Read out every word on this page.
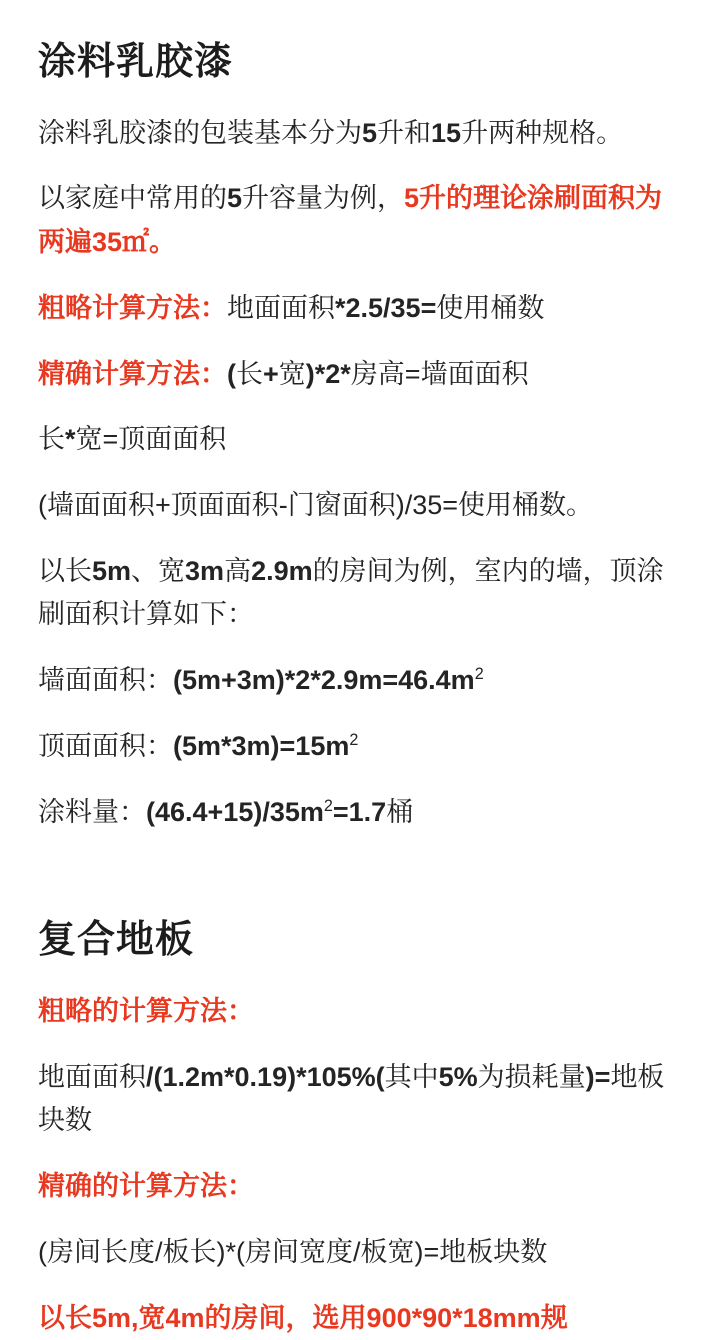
涂料乳胶漆

涂料乳胶漆的包装基本分为5升和15升两种规格。

以家庭中常用的5升容量为例，5升的理论涂刷面积为两遍35㎡。

粗略计算方法：地面面积*2.5/35=使用桶数

精确计算方法：(长+宽)*2*房高=墙面面积

长*宽=顶面面积

(墙面面积+顶面面积-门窗面积)/35=使用桶数。

以长5m、宽3m高2.9m的房间为例，室内的墙，顶涂刷面积计算如下：

墙面面积：$(5m+3m)*2*2.9m=46.4m^2$

顶面面积：$(5m*3m)=15m^2$

涂料量：$(46.4+15)/35m^2=1.7$桶

复合地板

粗略的计算方法：

地面面积/(1.2m*0.19)*105%(其中5%为损耗量)=地板块数

精确的计算方法：

(房间长度/板长)*(房间宽度/板宽)=地板块数

以长5m,宽4m的房间，选用900*90*18mm规
